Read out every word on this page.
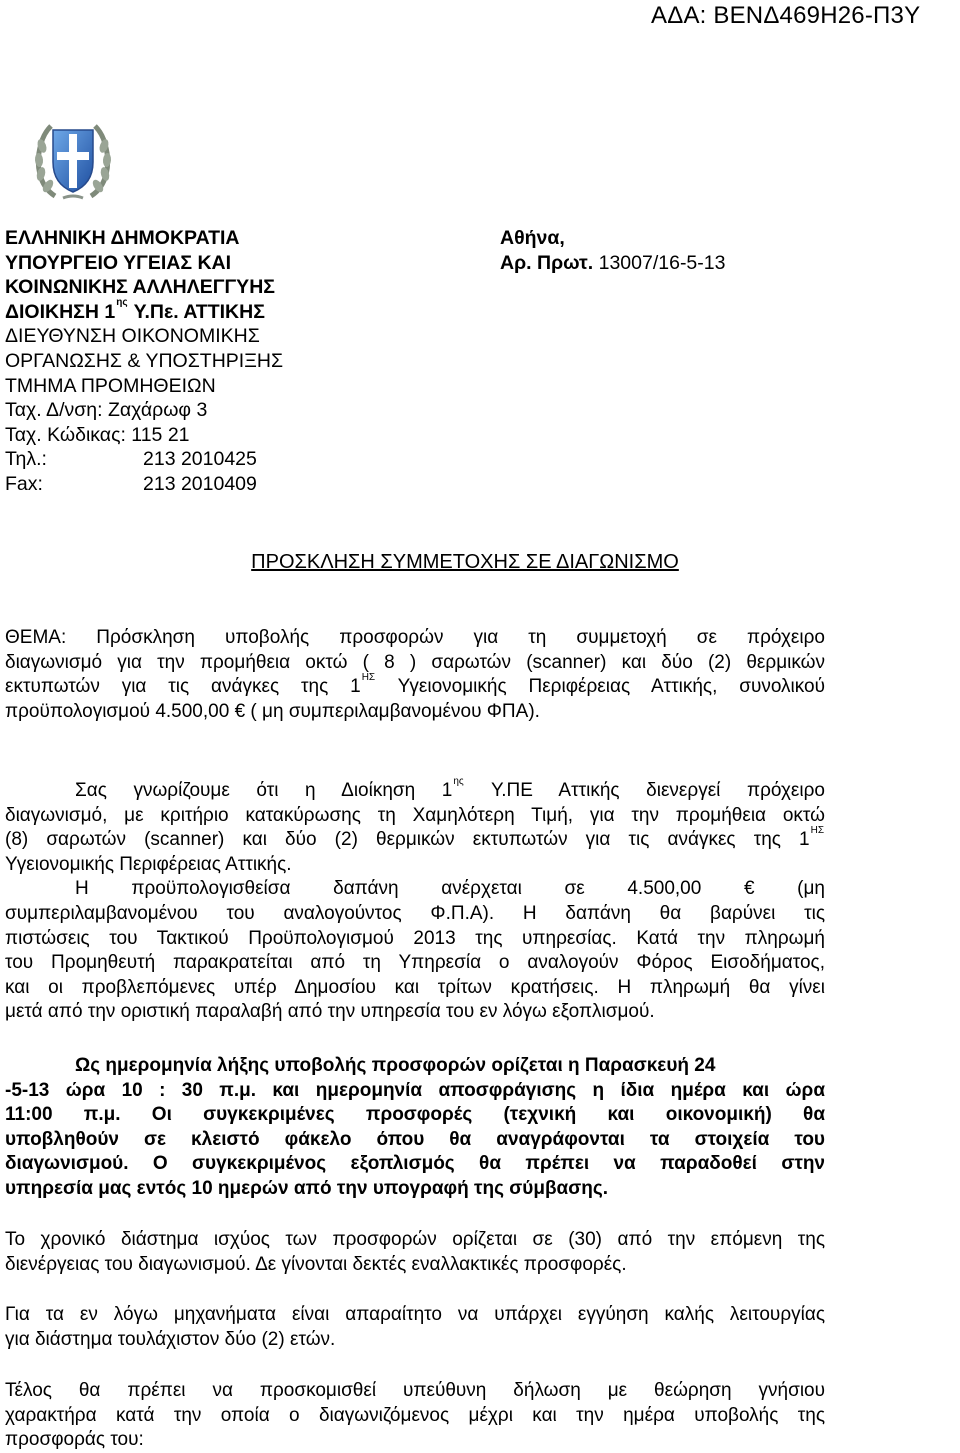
ΑΔΑ: ΒΕΝΔ469Η26-Π3Υ
ΕΛΛΗΝΙΚΗ ΔΗΜΟΚΡΑΤΙΑ
ΥΠΟΥΡΓΕΙΟ ΥΓΕΙΑΣ ΚΑΙ
ΚΟΙΝΩΝΙΚΗΣ ΑΛΛΗΛΕΓΓΥΗΣ
ΔΙΟΙΚΗΣΗ $1^{\eta\varsigma}$ Υ.Πε. ΑΤΤΙΚΗΣ
ΔΙΕΥΘΥΝΣΗ ΟΙΚΟΝΟΜΙΚΗΣ
ΟΡΓΑΝΩΣΗΣ & ΥΠΟΣΤΗΡΙΞΗΣ
ΤΜΗΜΑ ΠΡΟΜΗΘΕΙΩΝ
Ταχ. Δ/νση: Ζαχάρωφ 3
Ταχ. Κώδικας: 115 21
Τηλ.:	213 2010425
Fax:	213 2010409
Αθήνα,
Αρ. Πρωτ. 13007/16-5-13
ΠΡΟΣΚΛΗΣΗ ΣΥΜΜΕΤΟΧΗΣ ΣΕ ΔΙΑΓΩΝΙΣΜΟ
ΘΕΜΑ: Πρόσκληση υποβολής προσφορών για τη συμμετοχή σε πρόχειρο
διαγωνισμό για την προμήθεια οκτώ ( 8 ) σαρωτών (scanner) και δύο (2) θερμικών
εκτυπωτών για τις ανάγκες της $1^{H\Sigma}$ Υγειονομικής Περιφέρειας Αττικής, συνολικού
προϋπολογισμού 4.500,00 € ( μη συμπεριλαμβανομένου ΦΠΑ).
Σας γνωρίζουμε ότι η Διοίκηση $1^{\eta\varsigma}$ Υ.ΠΕ Αττικής διενεργεί πρόχειρο
διαγωνισμό, με κριτήριο κατακύρωσης τη Χαμηλότερη Τιμή, για την προμήθεια οκτώ
(8) σαρωτών (scanner) και δύο (2) θερμικών εκτυπωτών για τις ανάγκες της $1^{H\Sigma}$
Υγειονομικής Περιφέρειας Αττικής.
Η προϋπολογισθείσα δαπάνη ανέρχεται σε 4.500,00 € (μη
συμπεριλαμβανομένου του αναλογούντος Φ.Π.Α). Η δαπάνη θα βαρύνει τις
πιστώσεις του Τακτικού Προϋπολογισμού 2013 της υπηρεσίας. Κατά την πληρωμή
του Προμηθευτή παρακρατείται από τη Υπηρεσία ο αναλογούν Φόρος Εισοδήματος,
και οι προβλεπόμενες υπέρ Δημοσίου και τρίτων κρατήσεις. Η πληρωμή θα γίνει
μετά από την οριστική παραλαβή από την υπηρεσία του εν λόγω εξοπλισμού.
Ως ημερομηνία λήξης υποβολής προσφορών ορίζεται η Παρασκευή 24
-5-13 ώρα 10 : 30 π.μ. και ημερομηνία αποσφράγισης η ίδια ημέρα και ώρα
11:00 π.μ. Οι συγκεκριμένες προσφορές (τεχνική και οικονομική) θα
υποβληθούν σε κλειστό φάκελο όπου θα αναγράφονται τα στοιχεία του
διαγωνισμού. Ο συγκεκριμένος εξοπλισμός θα πρέπει να παραδοθεί στην
υπηρεσία μας εντός 10 ημερών από την υπογραφή της σύμβασης.
Το χρονικό διάστημα ισχύος των προσφορών ορίζεται σε (30) από την επόμενη της
διενέργειας του διαγωνισμού. Δε γίνονται δεκτές εναλλακτικές προσφορές.
Για τα εν λόγω μηχανήματα είναι απαραίτητο να υπάρχει εγγύηση καλής λειτουργίας
για διάστημα τουλάχιστον δύο (2) ετών.
Τέλος θα πρέπει να προσκομισθεί υπεύθυνη δήλωση με θεώρηση γνήσιου
χαρακτήρα κατά την οποία ο διαγωνιζόμενος μέχρι και την ημέρα υποβολής της
προσφοράς του:
